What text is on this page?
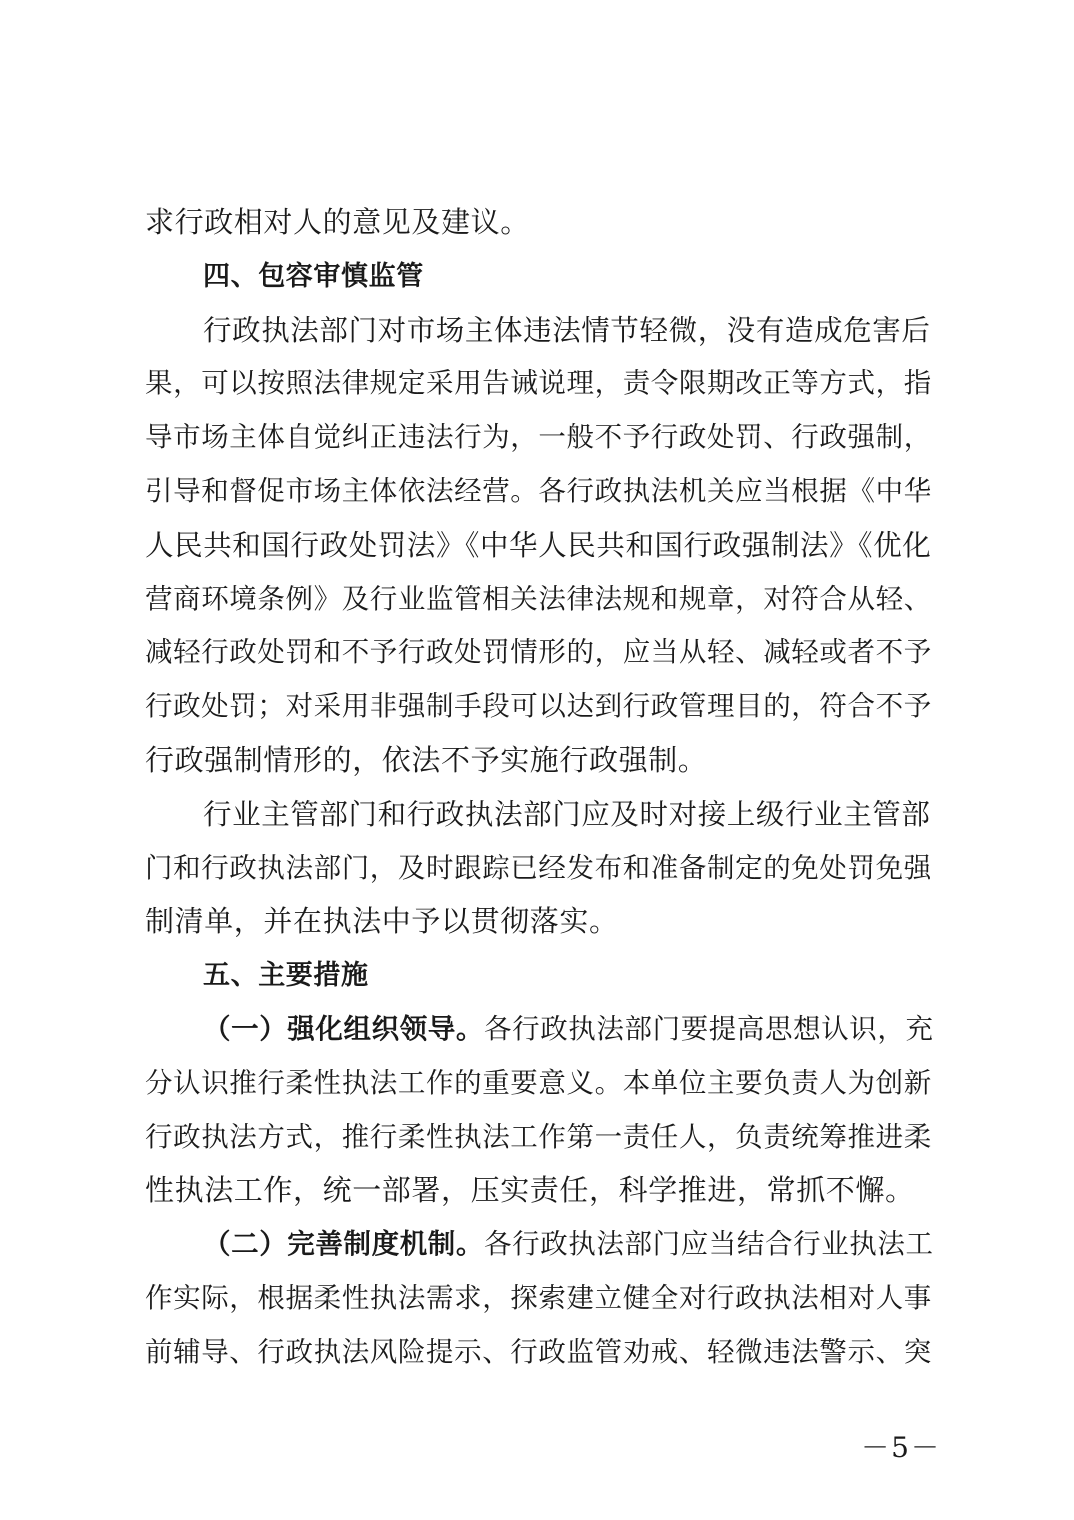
求行政相对人的意见及建议。
四、包容审慎监管
行政执法部门对市场主体违法情节轻微，没有造成危害后
果，可以按照法律规定采用告诫说理，责令限期改正等方式，指
导市场主体自觉纠正违法行为，一般不予行政处罚、行政强制，
引导和督促市场主体依法经营。各行政执法机关应当根据《中华
人民共和国行政处罚法》《中华人民共和国行政强制法》《优化
营商环境条例》及行业监管相关法律法规和规章，对符合从轻、
减轻行政处罚和不予行政处罚情形的，应当从轻、减轻或者不予
行政处罚；对采用非强制手段可以达到行政管理目的，符合不予
行政强制情形的，依法不予实施行政强制。
行业主管部门和行政执法部门应及时对接上级行业主管部
门和行政执法部门，及时跟踪已经发布和准备制定的免处罚免强
制清单，并在执法中予以贯彻落实。
五、主要措施
（一）强化组织领导。各行政执法部门要提高思想认识，充
分认识推行柔性执法工作的重要意义。本单位主要负责人为创新
行政执法方式，推行柔性执法工作第一责任人，负责统筹推进柔
性执法工作，统一部署，压实责任，科学推进，常抓不懈。
（二）完善制度机制。各行政执法部门应当结合行业执法工
作实际，根据柔性执法需求，探索建立健全对行政执法相对人事
前辅导、行政执法风险提示、行政监管劝戒、轻微违法警示、突
－5－
